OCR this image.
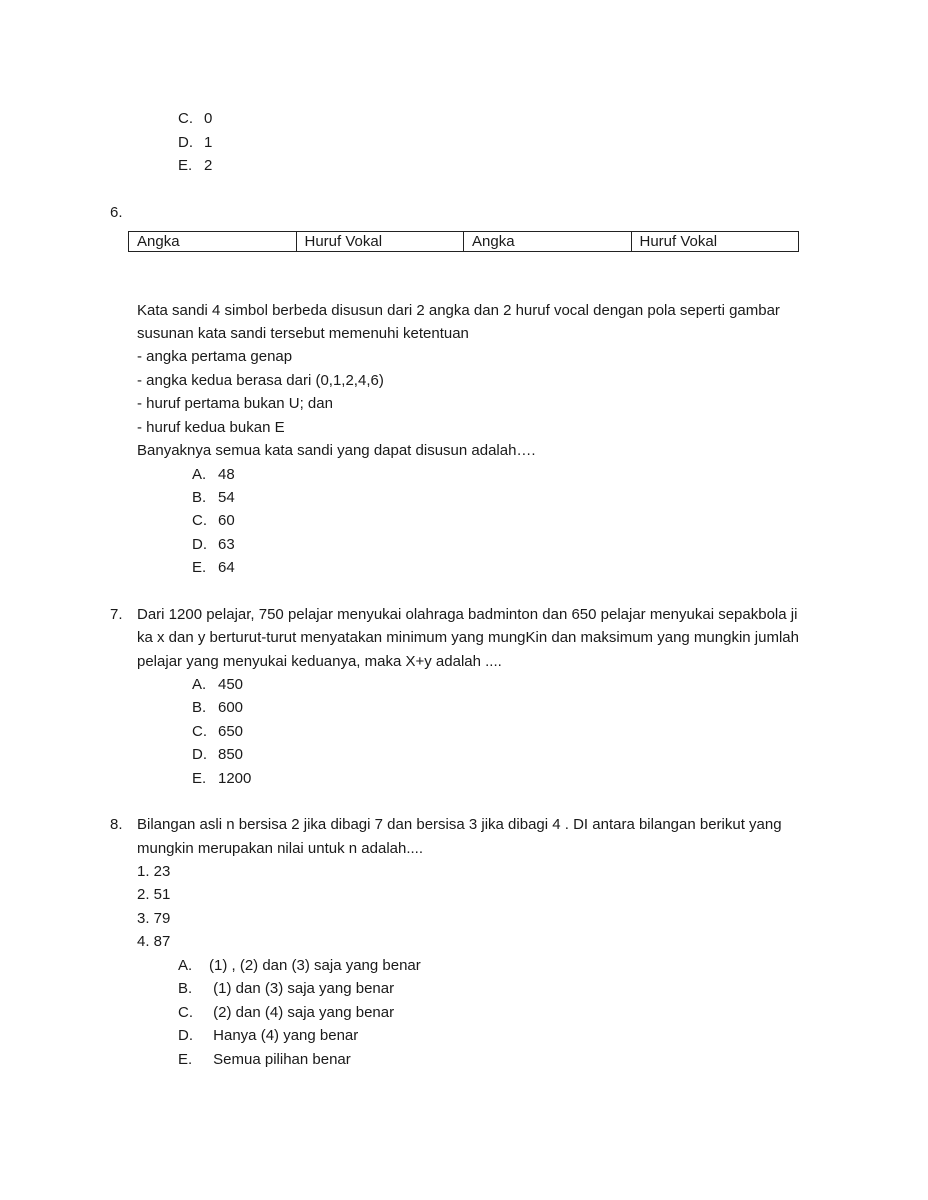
C. 0
D. 1
E. 2
6.
Angka	Huruf Vokal	Angka	Huruf Vokal
Kata sandi 4 simbol berbeda disusun dari 2 angka dan 2 huruf vocal dengan pola seperti gambar
susunan kata sandi tersebut memenuhi ketentuan
- angka pertama genap
- angka kedua berasa dari (0,1,2,4,6)
- huruf pertama bukan U; dan
- huruf kedua bukan E
Banyaknya semua kata sandi yang dapat disusun adalah….
A. 48
B. 54
C. 60
D. 63
E. 64
7. Dari 1200 pelajar, 750 pelajar menyukai olahraga badminton dan 650 pelajar menyukai sepakbola ji
ka x dan y berturut-turut menyatakan minimum yang mungKin dan maksimum yang mungkin jumlah
pelajar yang menyukai keduanya, maka X+y adalah ....
A. 450
B. 600
C. 650
D. 850
E. 1200
8. Bilangan asli n bersisa 2 jika dibagi 7 dan bersisa 3 jika dibagi 4 . DI antara bilangan berikut yang
mungkin merupakan nilai untuk n adalah....
1. 23
2. 51
3. 79
4. 87
A. (1) , (2) dan (3) saja yang benar
B. (1) dan (3) saja yang benar
C. (2) dan (4) saja yang benar
D. Hanya (4) yang benar
E. Semua pilihan benar
